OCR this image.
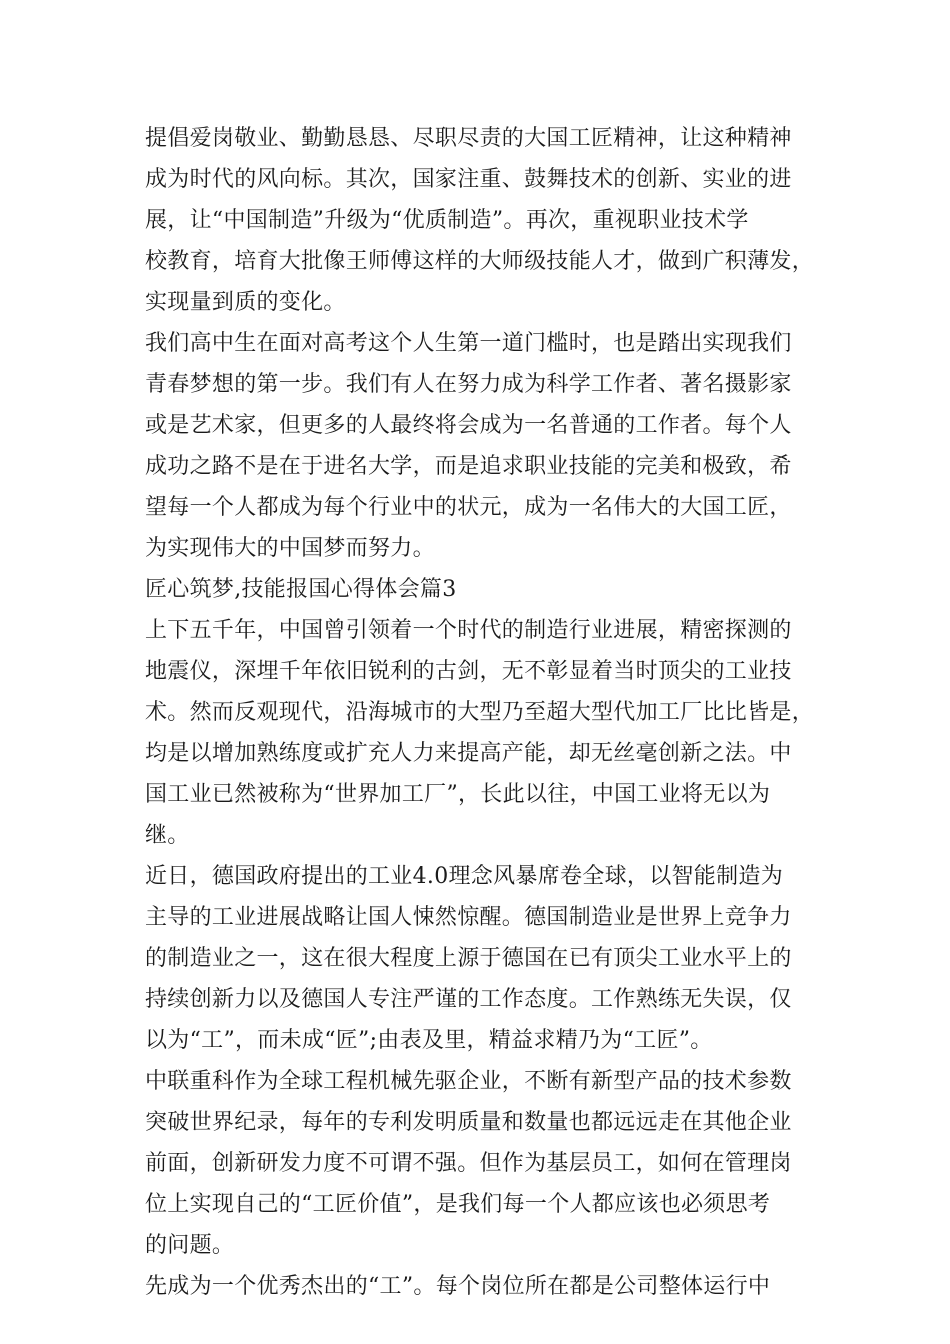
提倡爱岗敬业、勤勤恳恳、尽职尽责的大国工匠精神，让这种精神
成为时代的风向标。其次，国家注重、鼓舞技术的创新、实业的进
展，让“中国制造”升级为“优质制造”。再次，重视职业技术学
校教育，培育大批像王师傅这样的大师级技能人才，做到广积薄发，
实现量到质的变化。
我们高中生在面对高考这个人生第一道门槛时，也是踏出实现我们
青春梦想的第一步。我们有人在努力成为科学工作者、著名摄影家
或是艺术家，但更多的人最终将会成为一名普通的工作者。每个人
成功之路不是在于进名大学，而是追求职业技能的完美和极致，希
望每一个人都成为每个行业中的状元，成为一名伟大的大国工匠，
为实现伟大的中国梦而努力。
匠心筑梦,技能报国心得体会篇3
上下五千年，中国曾引领着一个时代的制造行业进展，精密探测的
地震仪，深埋千年依旧锐利的古剑，无不彰显着当时顶尖的工业技
术。然而反观现代，沿海城市的大型乃至超大型代加工厂比比皆是，
均是以增加熟练度或扩充人力来提高产能，却无丝毫创新之法。中
国工业已然被称为“世界加工厂”，长此以往，中国工业将无以为
继。
近日，德国政府提出的工业4.0理念风暴席卷全球，以智能制造为
主导的工业进展战略让国人悚然惊醒。德国制造业是世界上竞争力
的制造业之一，这在很大程度上源于德国在已有顶尖工业水平上的
持续创新力以及德国人专注严谨的工作态度。工作熟练无失误，仅
以为“工”，而未成“匠”;由表及里，精益求精乃为“工匠”。
中联重科作为全球工程机械先驱企业，不断有新型产品的技术参数
突破世界纪录，每年的专利发明质量和数量也都远远走在其他企业
前面，创新研发力度不可谓不强。但作为基层员工，如何在管理岗
位上实现自己的“工匠价值”，是我们每一个人都应该也必须思考
的问题。
先成为一个优秀杰出的“工”。每个岗位所在都是公司整体运行中
